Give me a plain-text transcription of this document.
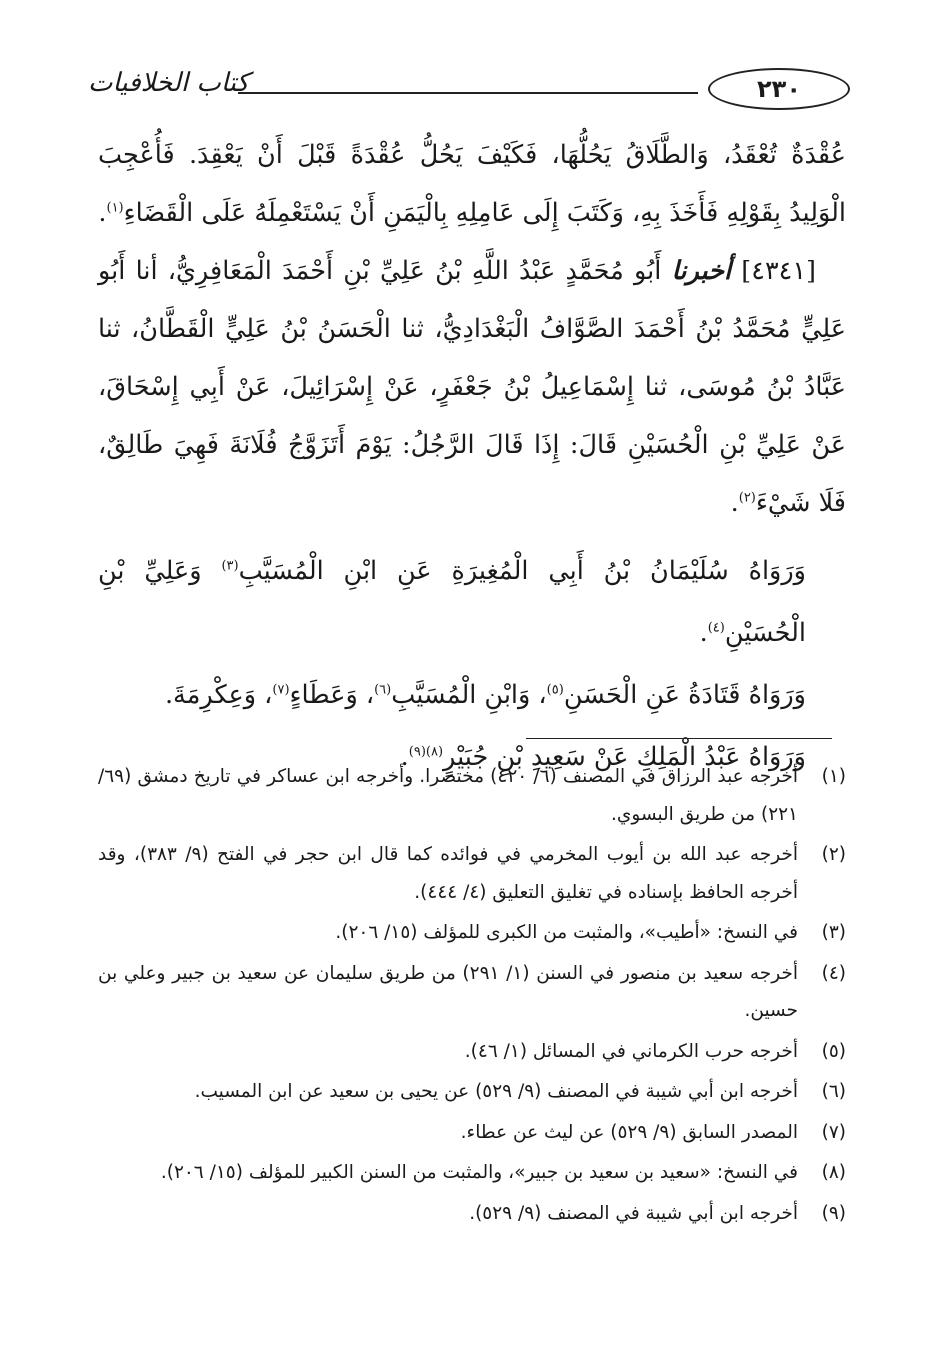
كتاب الخلافيات	٢٣٠

عُقْدَةٌ تُعْقَدُ، وَالطَّلَاقُ يَحُلُّهَا، فَكَيْفَ يَحُلُّ عُقْدَةً قَبْلَ أَنْ يَعْقِدَ. فَأُعْجِبَ الْوَلِيدُ بِقَوْلِهِ فَأَخَذَ بِهِ، وَكَتَبَ إِلَى عَامِلِهِ بِالْيَمَنِ أَنْ يَسْتَعْمِلَهُ عَلَى الْقَضَاءِ$^{(١)}$.

[٤٣٤١] أخبرنا أَبُو مُحَمَّدٍ عَبْدُ اللَّهِ بْنُ عَلِيِّ بْنِ أَحْمَدَ الْمَعَافِرِيُّ، أنا أَبُو عَلِيٍّ مُحَمَّدُ بْنُ أَحْمَدَ الصَّوَّافُ الْبَغْدَادِيُّ، ثنا الْحَسَنُ بْنُ عَلِيٍّ الْقَطَّانُ، ثنا عَبَّادُ بْنُ مُوسَى، ثنا إِسْمَاعِيلُ بْنُ جَعْفَرٍ، عَنْ إِسْرَائِيلَ، عَنْ أَبِي إِسْحَاقَ، عَنْ عَلِيِّ بْنِ الْحُسَيْنِ قَالَ: إِذَا قَالَ الرَّجُلُ: يَوْمَ أَتَزَوَّجُ فُلَانَةَ فَهِيَ طَالِقٌ، فَلَا شَيْءَ$^{(٢)}$.

وَرَوَاهُ سُلَيْمَانُ بْنُ أَبِي الْمُغِيرَةِ عَنِ ابْنِ الْمُسَيَّبِ$^{(٣)}$ وَعَلِيِّ بْنِ الْحُسَيْنِ$^{(٤)}$.

وَرَوَاهُ قَتَادَةُ عَنِ الْحَسَنِ$^{(٥)}$، وَابْنِ الْمُسَيَّبِ$^{(٦)}$، وَعَطَاءٍ$^{(٧)}$، وَعِكْرِمَةَ.

وَرَوَاهُ عَبْدُ الْمَلِكِ عَنْ سَعِيدِ بْنِ جُبَيْرٍ$^{(٨)(٩)}$.

(١)
أخرجه عبد الرزاق في المصنف (٦/ ٤٢٠) مختصرا. وأخرجه ابن عساكر في تاريخ دمشق (٦٩/ ٢٢١) من طريق البسوي.
(٢)
أخرجه عبد الله بن أيوب المخرمي في فوائده كما قال ابن حجر في الفتح (٩/ ٣٨٣)، وقد أخرجه الحافظ بإسناده في تغليق التعليق (٤/ ٤٤٤).
(٣)
في النسخ: «أطيب»، والمثبت من الكبرى للمؤلف (١٥/ ٢٠٦).
(٤)
أخرجه سعيد بن منصور في السنن (١/ ٢٩١) من طريق سليمان عن سعيد بن جبير وعلي بن حسين.
(٥)
أخرجه حرب الكرماني في المسائل (١/ ٤٦).
(٦)
أخرجه ابن أبي شيبة في المصنف (٩/ ٥٢٩) عن يحيى بن سعيد عن ابن المسيب.
(٧)
المصدر السابق (٩/ ٥٢٩) عن ليث عن عطاء.
(٨)
في النسخ: «سعيد بن سعيد بن جبير»، والمثبت من السنن الكبير للمؤلف (١٥/ ٢٠٦).
(٩)
أخرجه ابن أبي شيبة في المصنف (٩/ ٥٢٩).
